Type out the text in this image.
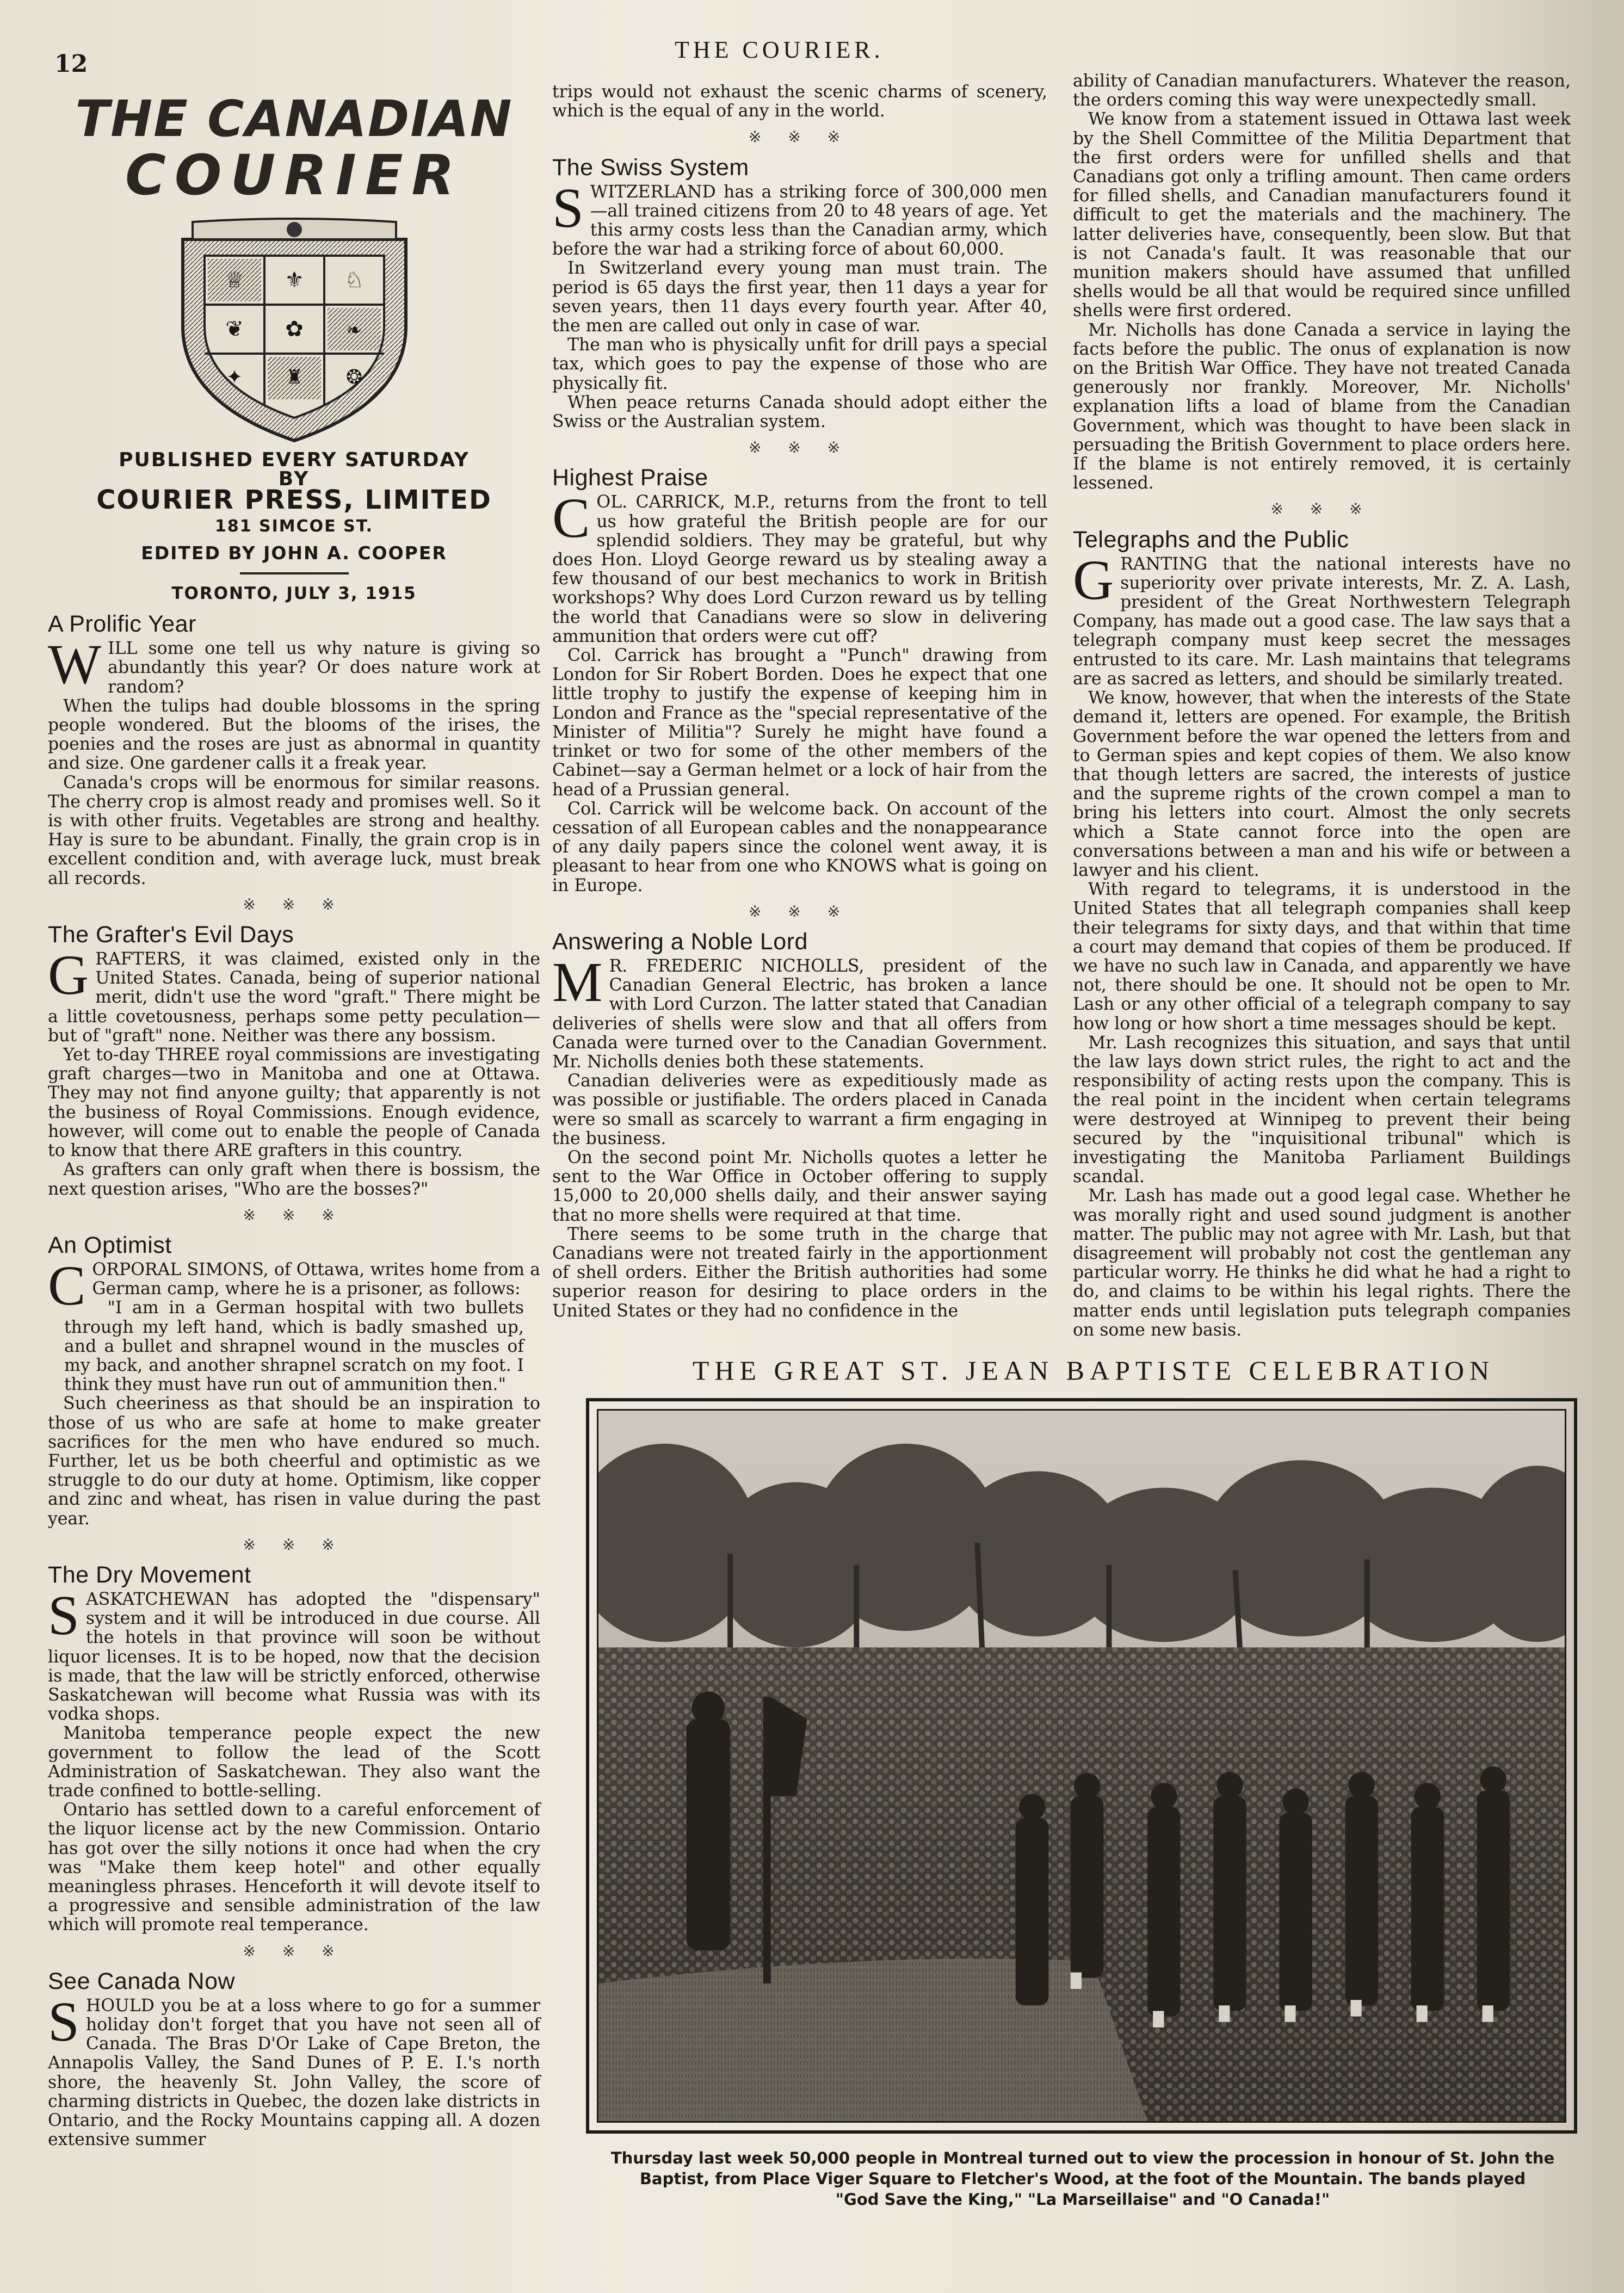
12
THE COURIER.
THE CANADIAN
COURIER
♕ ⚜ ♘
❦ ✿ ❧
✦ ♜ ❂
PUBLISHED EVERY SATURDAY
BY
COURIER PRESS, LIMITED
181 SIMCOE ST.
EDITED BY JOHN A. COOPER
TORONTO, JULY 3, 1915
A Prolific Year

WILL some one tell us why nature is giving so abundantly this year? Or does nature work at random?

When the tulips had double blossoms in the spring people wondered. But the blooms of the irises, the poenies and the roses are just as abnormal in quantity and size. One gardener calls it a freak year.

Canada's crops will be enormous for similar reasons. The cherry crop is almost ready and promises well. So it is with other fruits. Vegetables are strong and healthy. Hay is sure to be abundant. Finally, the grain crop is in excellent condition and, with average luck, must break all records.

※ ※ ※
The Grafter's Evil Days

GRAFTERS, it was claimed, existed only in the United States. Canada, being of superior national merit, didn't use the word "graft." There might be a little covetousness, perhaps some petty peculation—but of "graft" none. Neither was there any bossism.

Yet to-day THREE royal commissions are investigating graft charges—two in Manitoba and one at Ottawa. They may not find anyone guilty; that apparently is not the business of Royal Commissions. Enough evidence, however, will come out to enable the people of Canada to know that there ARE grafters in this country.

As grafters can only graft when there is bossism, the next question arises, "Who are the bosses?"

※ ※ ※
An Optimist

CORPORAL SIMONS, of Ottawa, writes home from a German camp, where he is a prisoner, as follows:

"I am in a German hospital with two bullets through my left hand, which is badly smashed up, and a bullet and shrapnel wound in the muscles of my back, and another shrapnel scratch on my foot. I think they must have run out of ammunition then."

Such cheeriness as that should be an inspiration to those of us who are safe at home to make greater sacrifices for the men who have endured so much. Further, let us be both cheerful and optimistic as we struggle to do our duty at home. Optimism, like copper and zinc and wheat, has risen in value during the past year.

※ ※ ※
The Dry Movement

SASKATCHEWAN has adopted the "dispensary" system and it will be introduced in due course. All the hotels in that province will soon be without liquor licenses. It is to be hoped, now that the decision is made, that the law will be strictly enforced, otherwise Saskatchewan will become what Russia was with its vodka shops.

Manitoba temperance people expect the new government to follow the lead of the Scott Administration of Saskatchewan. They also want the trade confined to bottle-selling.

Ontario has settled down to a careful enforcement of the liquor license act by the new Commission. Ontario has got over the silly notions it once had when the cry was "Make them keep hotel" and other equally meaningless phrases. Henceforth it will devote itself to a progressive and sensible administration of the law which will promote real temperance.

※ ※ ※
See Canada Now

SHOULD you be at a loss where to go for a summer holiday don't forget that you have not seen all of Canada. The Bras D'Or Lake of Cape Breton, the Annapolis Valley, the Sand Dunes of P. E. I.'s north shore, the heavenly St. John Valley, the score of charming districts in Quebec, the dozen lake districts in Ontario, and the Rocky Mountains capping all. A dozen extensive summer

trips would not exhaust the scenic charms of scenery, which is the equal of any in the world.

※ ※ ※
The Swiss System

SWITZERLAND has a striking force of 300,000 men—all trained citizens from 20 to 48 years of age. Yet this army costs less than the Canadian army, which before the war had a striking force of about 60,000.

In Switzerland every young man must train. The period is 65 days the first year, then 11 days a year for seven years, then 11 days every fourth year. After 40, the men are called out only in case of war.

The man who is physically unfit for drill pays a special tax, which goes to pay the expense of those who are physically fit.

When peace returns Canada should adopt either the Swiss or the Australian system.

※ ※ ※
Highest Praise

COL. CARRICK, M.P., returns from the front to tell us how grateful the British people are for our splendid soldiers. They may be grateful, but why does Hon. Lloyd George reward us by stealing away a few thousand of our best mechanics to work in British workshops? Why does Lord Curzon reward us by telling the world that Canadians were so slow in delivering ammunition that orders were cut off?

Col. Carrick has brought a "Punch" drawing from London for Sir Robert Borden. Does he expect that one little trophy to justify the expense of keeping him in London and France as the "special representative of the Minister of Militia"? Surely he might have found a trinket or two for some of the other members of the Cabinet—say a German helmet or a lock of hair from the head of a Prussian general.

Col. Carrick will be welcome back. On account of the cessation of all European cables and the nonappearance of any daily papers since the colonel went away, it is pleasant to hear from one who KNOWS what is going on in Europe.

※ ※ ※
Answering a Noble Lord

M R. FREDERIC NICHOLLS, president of the Canadian General Electric, has broken a lance with Lord Curzon. The latter stated that Canadian deliveries of shells were slow and that all offers from Canada were turned over to the Canadian Government. Mr. Nicholls denies both these statements.

Canadian deliveries were as expeditiously made as was possible or justifiable. The orders placed in Canada were so small as scarcely to warrant a firm engaging in the business.

On the second point Mr. Nicholls quotes a letter he sent to the War Office in October offering to supply 15,000 to 20,000 shells daily, and their answer saying that no more shells were required at that time.

There seems to be some truth in the charge that Canadians were not treated fairly in the apportionment of shell orders. Either the British authorities had some superior reason for desiring to place orders in the United States or they had no confidence in the

ability of Canadian manufacturers. Whatever the reason, the orders coming this way were unexpectedly small.

We know from a statement issued in Ottawa last week by the Shell Committee of the Militia Department that the first orders were for unfilled shells and that Canadians got only a trifling amount. Then came orders for filled shells, and Canadian manufacturers found it difficult to get the materials and the machinery. The latter deliveries have, consequently, been slow. But that is not Canada's fault. It was reasonable that our munition makers should have assumed that unfilled shells would be all that would be required since unfilled shells were first ordered.

Mr. Nicholls has done Canada a service in laying the facts before the public. The onus of explanation is now on the British War Office. They have not treated Canada generously nor frankly. Moreover, Mr. Nicholls' explanation lifts a load of blame from the Canadian Government, which was thought to have been slack in persuading the British Government to place orders here. If the blame is not entirely removed, it is certainly lessened.

※ ※ ※
Telegraphs and the Public

GRANTING that the national interests have no superiority over private interests, Mr. Z. A. Lash, president of the Great Northwestern Telegraph Company, has made out a good case. The law says that a telegraph company must keep secret the messages entrusted to its care. Mr. Lash maintains that telegrams are as sacred as letters, and should be similarly treated.

We know, however, that when the interests of the State demand it, letters are opened. For example, the British Government before the war opened the letters from and to German spies and kept copies of them. We also know that though letters are sacred, the interests of justice and the supreme rights of the crown compel a man to bring his letters into court. Almost the only secrets which a State cannot force into the open are conversations between a man and his wife or between a lawyer and his client.

With regard to telegrams, it is understood in the United States that all telegraph companies shall keep their telegrams for sixty days, and that within that time a court may demand that copies of them be produced. If we have no such law in Canada, and apparently we have not, there should be one. It should not be open to Mr. Lash or any other official of a telegraph company to say how long or how short a time messages should be kept.

Mr. Lash recognizes this situation, and says that until the law lays down strict rules, the right to act and the responsibility of acting rests upon the company. This is the real point in the incident when certain telegrams were destroyed at Winnipeg to prevent their being secured by the "inquisitional tribunal" which is investigating the Manitoba Parliament Buildings scandal.

Mr. Lash has made out a good legal case. Whether he was morally right and used sound judgment is another matter. The public may not agree with Mr. Lash, but that disagreement will probably not cost the gentleman any particular worry. He thinks he did what he had a right to do, and claims to be within his legal rights. There the matter ends until legislation puts telegraph companies on some new basis.

THE GREAT ST. JEAN BAPTISTE CELEBRATION
Thursday last week 50,000 people in Montreal turned out to view the procession in honour of St. John the
Baptist, from Place Viger Square to Fletcher's Wood, at the foot of the Mountain. The bands played
"God Save the King," "La Marseillaise" and "O Canada!"
